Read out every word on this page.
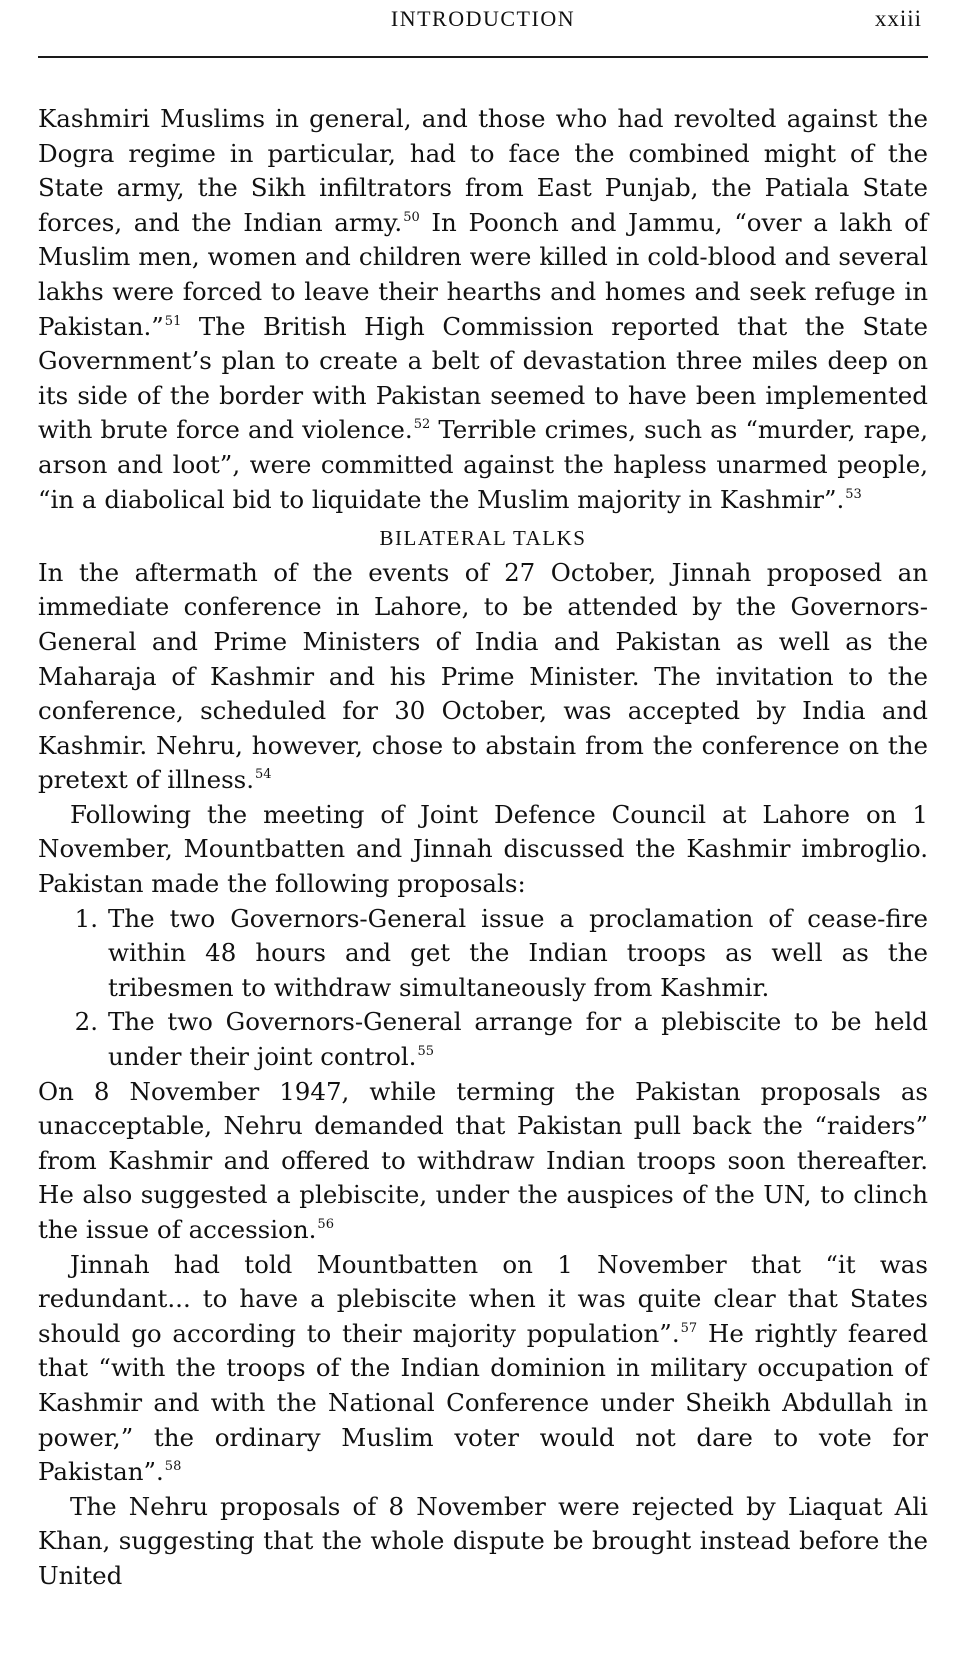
INTRODUCTION	xxiii

Kashmiri Muslims in general, and those who had revolted against the Dogra regime in particular, had to face the combined might of the State army, the Sikh infiltrators from East Punjab, the Patiala State forces, and the Indian army.$^{50}$ In Poonch and Jammu, “over a lakh of Muslim men, women and children were killed in cold-blood and several lakhs were forced to leave their hearths and homes and seek refuge in Pakistan.”$^{51}$ The British High Commission reported that the State Government’s plan to create a belt of devastation three miles deep on its side of the border with Pakistan seemed to have been implemented with brute force and violence.$^{52}$ Terrible crimes, such as “murder, rape, arson and loot”, were committed against the hapless unarmed people, “in a diabolical bid to liquidate the Muslim majority in Kashmir”.$^{53}$

BILATERAL TALKS

In the aftermath of the events of 27 October, Jinnah proposed an immediate conference in Lahore, to be attended by the Governors-General and Prime Ministers of India and Pakistan as well as the Maharaja of Kashmir and his Prime Minister. The invitation to the conference, scheduled for 30 October, was accepted by India and Kashmir. Nehru, however, chose to abstain from the conference on the pretext of illness.$^{54}$

Following the meeting of Joint Defence Council at Lahore on 1 November, Mountbatten and Jinnah discussed the Kashmir imbroglio. Pakistan made the following proposals:

1. The two Governors-General issue a proclamation of cease-fire within 48 hours and get the Indian troops as well as the tribesmen to withdraw simultaneously from Kashmir.
2. The two Governors-General arrange for a plebiscite to be held under their joint control.$^{55}$

On 8 November 1947, while terming the Pakistan proposals as unacceptable, Nehru demanded that Pakistan pull back the “raiders” from Kashmir and offered to withdraw Indian troops soon thereafter. He also suggested a plebiscite, under the auspices of the UN, to clinch the issue of accession.$^{56}$

Jinnah had told Mountbatten on 1 November that “it was redundant... to have a plebiscite when it was quite clear that States should go according to their majority population”.$^{57}$ He rightly feared that “with the troops of the Indian dominion in military occupation of Kashmir and with the National Conference under Sheikh Abdullah in power,” the ordinary Muslim voter would not dare to vote for Pakistan”.$^{58}$

The Nehru proposals of 8 November were rejected by Liaquat Ali Khan, suggesting that the whole dispute be brought instead before the United
